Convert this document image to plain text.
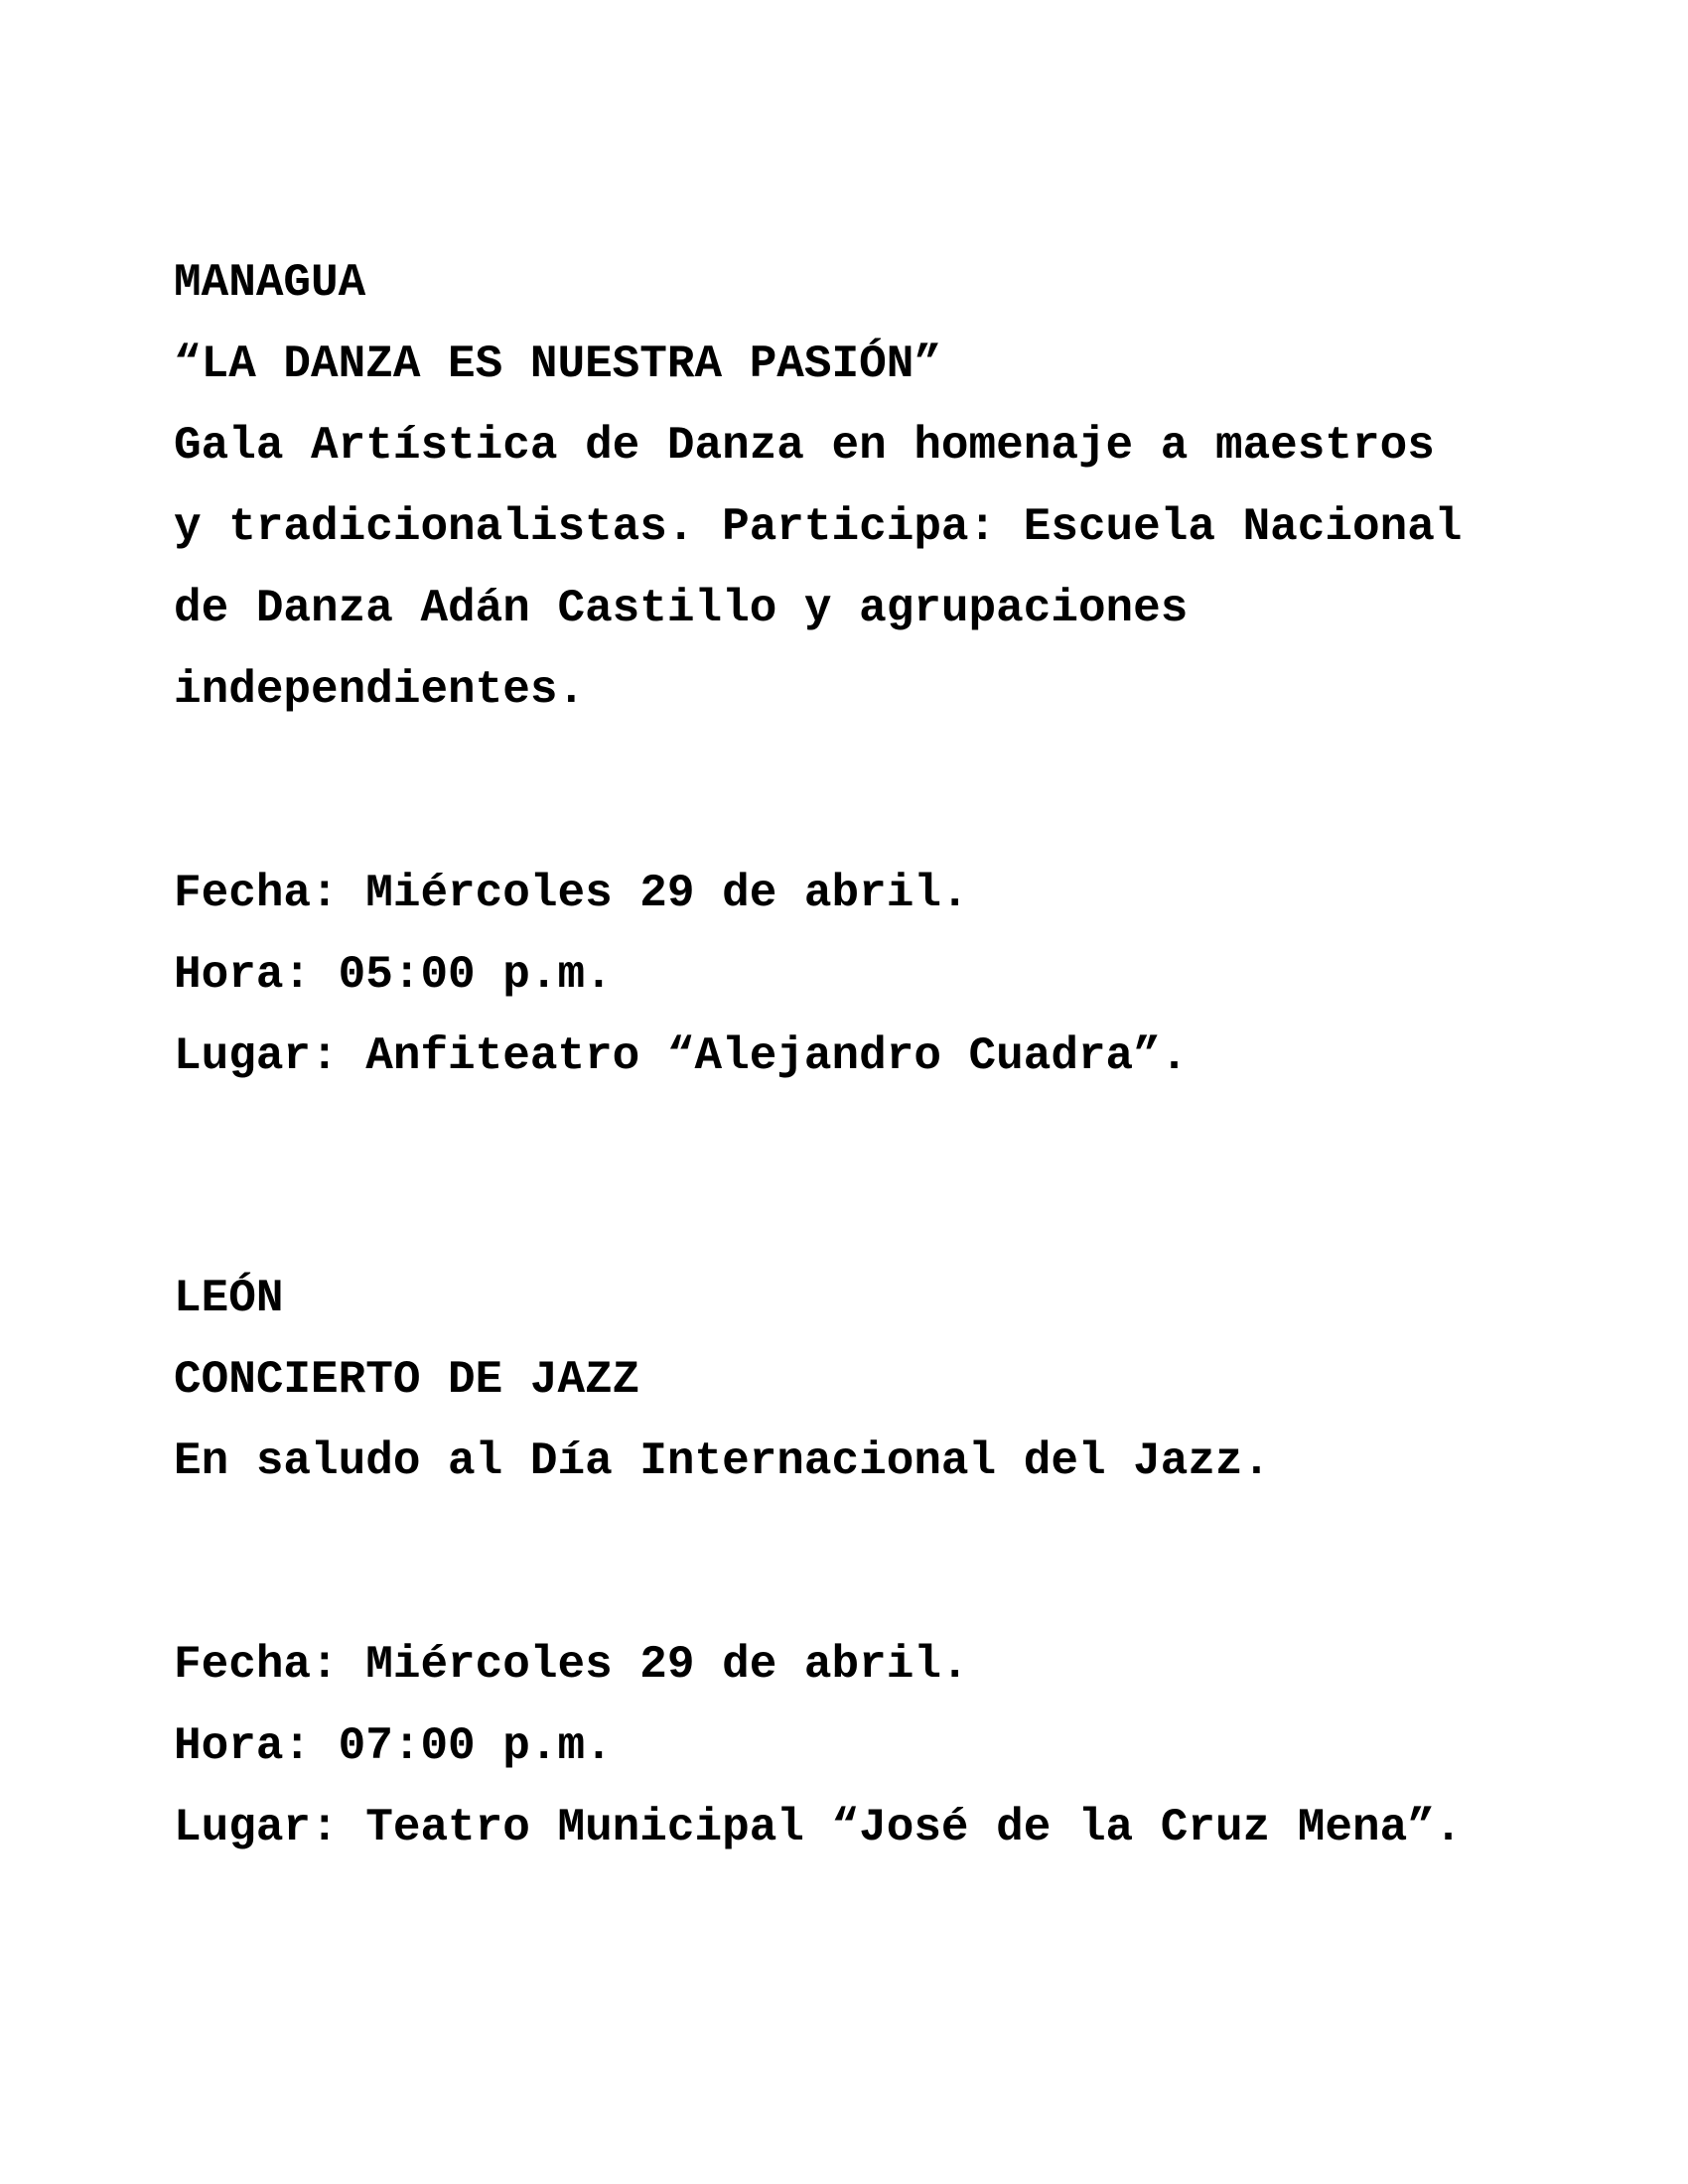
MANAGUA
“LA DANZA ES NUESTRA PASIÓN”
Gala Artística de Danza en homenaje a maestros
y tradicionalistas. Participa: Escuela Nacional
de Danza Adán Castillo y agrupaciones
independientes.
Fecha: Miércoles 29 de abril.
Hora: 05:00 p.m.
Lugar: Anfiteatro “Alejandro Cuadra”.
LEÓN
CONCIERTO DE JAZZ
En saludo al Día Internacional del Jazz.
Fecha: Miércoles 29 de abril.
Hora: 07:00 p.m.
Lugar: Teatro Municipal “José de la Cruz Mena”.
